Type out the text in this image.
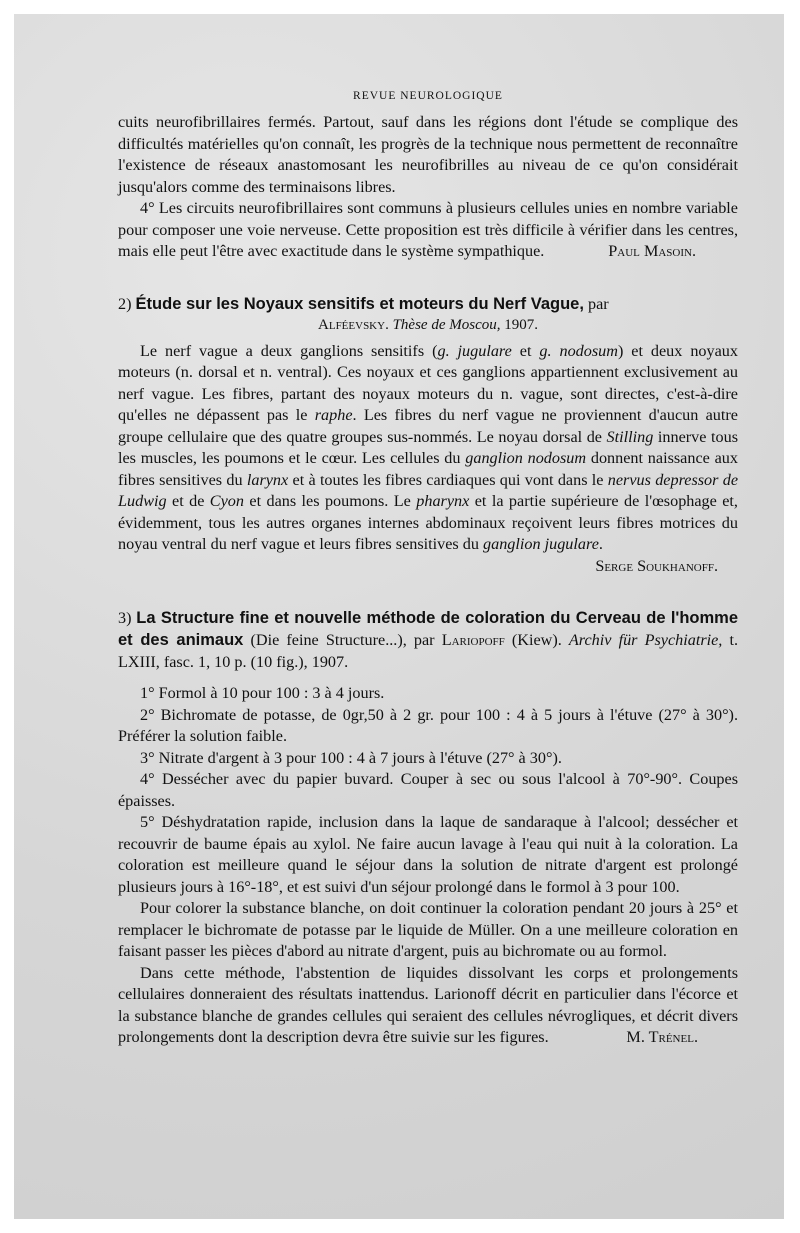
REVUE NEUROLOGIQUE

cuits neurofibrillaires fermés. Partout, sauf dans les régions dont l'étude se complique des difficultés matérielles qu'on connaît, les progrès de la technique nous permettent de reconnaître l'existence de réseaux anastomosant les neurofibrilles au niveau de ce qu'on considérait jusqu'alors comme des terminaisons libres.

4° Les circuits neurofibrillaires sont communs à plusieurs cellules unies en nombre variable pour composer une voie nerveuse. Cette proposition est très difficile à vérifier dans les centres, mais elle peut l'être avec exactitude dans le système sympathique.	Paul Masoin.

2) Étude sur les Noyaux sensitifs et moteurs du Nerf Vague, par
Alféevsky. Thèse de Moscou, 1907.

Le nerf vague a deux ganglions sensitifs (g. jugulare et g. nodosum) et deux noyaux moteurs (n. dorsal et n. ventral). Ces noyaux et ces ganglions appartiennent exclusivement au nerf vague. Les fibres, partant des noyaux moteurs du n. vague, sont directes, c'est-à-dire qu'elles ne dépassent pas le raphe. Les fibres du nerf vague ne proviennent d'aucun autre groupe cellulaire que des quatre groupes sus-nommés. Le noyau dorsal de Stilling innerve tous les muscles, les poumons et le cœur. Les cellules du ganglion nodosum donnent naissance aux fibres sensitives du larynx et à toutes les fibres cardiaques qui vont dans le nervus depressor de Ludwig et de Cyon et dans les poumons. Le pharynx et la partie supérieure de l'œsophage et, évidemment, tous les autres organes internes abdominaux reçoivent leurs fibres motrices du noyau ventral du nerf vague et leurs fibres sensitives du ganglion jugulare.
Serge Soukhanoff.

3) La Structure fine et nouvelle méthode de coloration du Cerveau de l'homme et des animaux (Die feine Structure...), par Lariopoff (Kiew). Archiv für Psychiatrie, t. LXIII, fasc. 1, 10 p. (10 fig.), 1907.

1° Formol à 10 pour 100 : 3 à 4 jours.

2° Bichromate de potasse, de 0gr,50 à 2 gr. pour 100 : 4 à 5 jours à l'étuve (27° à 30°). Préférer la solution faible.

3° Nitrate d'argent à 3 pour 100 : 4 à 7 jours à l'étuve (27° à 30°).

4° Dessécher avec du papier buvard. Couper à sec ou sous l'alcool à 70°-90°. Coupes épaisses.

5° Déshydratation rapide, inclusion dans la laque de sandaraque à l'alcool; dessécher et recouvrir de baume épais au xylol. Ne faire aucun lavage à l'eau qui nuit à la coloration. La coloration est meilleure quand le séjour dans la solution de nitrate d'argent est prolongé plusieurs jours à 16°-18°, et est suivi d'un séjour prolongé dans le formol à 3 pour 100.

Pour colorer la substance blanche, on doit continuer la coloration pendant 20 jours à 25° et remplacer le bichromate de potasse par le liquide de Müller. On a une meilleure coloration en faisant passer les pièces d'abord au nitrate d'argent, puis au bichromate ou au formol.

Dans cette méthode, l'abstention de liquides dissolvant les corps et prolongements cellulaires donneraient des résultats inattendus. Larionoff décrit en particulier dans l'écorce et la substance blanche de grandes cellules qui seraient des cellules névrogliques, et décrit divers prolongements dont la description devra être suivie sur les figures.	M. Trénel.
